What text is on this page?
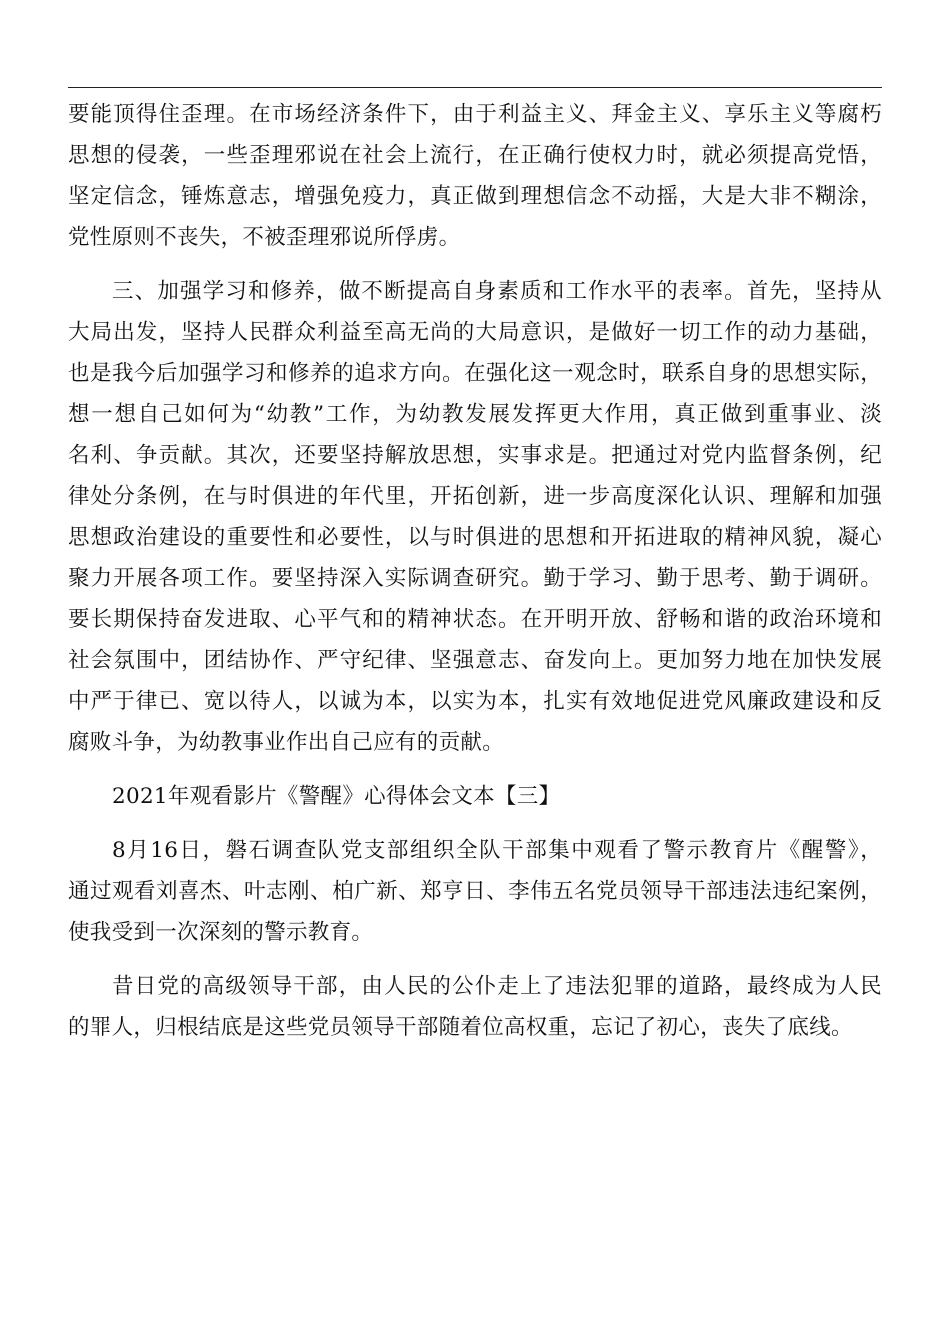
要能顶得住歪理。在市场经济条件下，由于利益主义、拜金主义、享乐主义等腐朽
思想的侵袭，一些歪理邪说在社会上流行，在正确行使权力时，就必须提高党悟，
坚定信念，锤炼意志，增强免疫力，真正做到理想信念不动摇，大是大非不糊涂，
党性原则不丧失，不被歪理邪说所俘虏。
三、加强学习和修养，做不断提高自身素质和工作水平的表率。首先，坚持从
大局出发，坚持人民群众利益至高无尚的大局意识，是做好一切工作的动力基础，
也是我今后加强学习和修养的追求方向。在强化这一观念时，联系自身的思想实际，
想一想自己如何为“幼教”工作，为幼教发展发挥更大作用，真正做到重事业、淡
名利、争贡献。其次，还要坚持解放思想，实事求是。把通过对党内监督条例，纪
律处分条例，在与时俱进的年代里，开拓创新，进一步高度深化认识、理解和加强
思想政治建设的重要性和必要性，以与时俱进的思想和开拓进取的精神风貌，凝心
聚力开展各项工作。要坚持深入实际调查研究。勤于学习、勤于思考、勤于调研。
要长期保持奋发进取、心平气和的精神状态。在开明开放、舒畅和谐的政治环境和
社会氛围中，团结协作、严守纪律、坚强意志、奋发向上。更加努力地在加快发展
中严于律已、宽以待人，以诚为本，以实为本，扎实有效地促进党风廉政建设和反
腐败斗争，为幼教事业作出自己应有的贡献。
2021年观看影片《警醒》心得体会文本【三】
8月16日，磐石调查队党支部组织全队干部集中观看了警示教育片《醒警》，
通过观看刘喜杰、叶志刚、柏广新、郑亨日、李伟五名党员领导干部违法违纪案例，
使我受到一次深刻的警示教育。
昔日党的高级领导干部，由人民的公仆走上了违法犯罪的道路，最终成为人民
的罪人，归根结底是这些党员领导干部随着位高权重，忘记了初心，丧失了底线。
